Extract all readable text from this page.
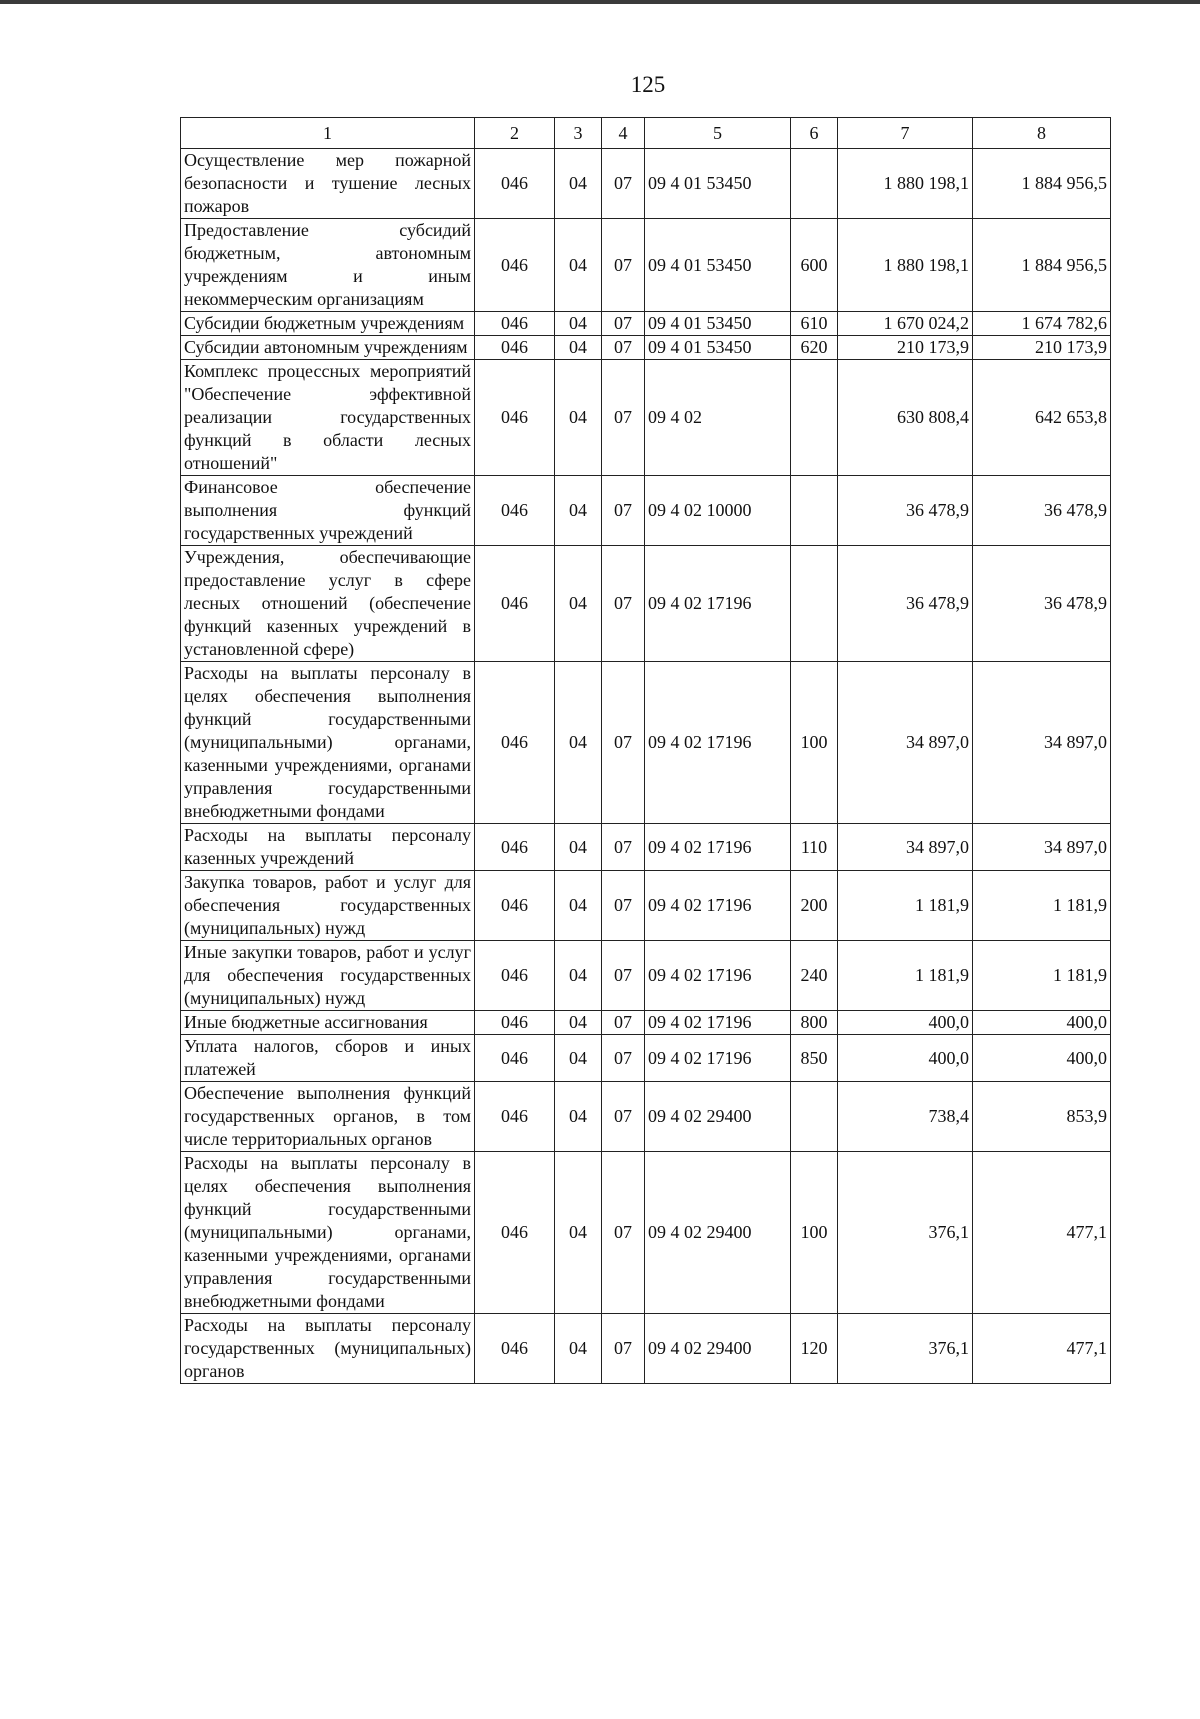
125
1	2	3	4	5	6	7	8
Осуществление мер пожарной безопасности и тушение лесных пожаров	046	04	07	09 4 01 53450		1 880 198,1	1 884 956,5
Предоставление субсидий бюджетным, автономным учреждениям и иным некоммерческим организациям	046	04	07	09 4 01 53450	600	1 880 198,1	1 884 956,5
Субсидии бюджетным учреждениям	046	04	07	09 4 01 53450	610	1 670 024,2	1 674 782,6
Субсидии автономным учреждениям	046	04	07	09 4 01 53450	620	210 173,9	210 173,9
Комплекс процессных мероприятий "Обеспечение эффективной реализации государственных функций в области лесных отношений"	046	04	07	09 4 02		630 808,4	642 653,8
Финансовое обеспечение выполнения функций государственных учреждений	046	04	07	09 4 02 10000		36 478,9	36 478,9
Учреждения, обеспечивающие предоставление услуг в сфере лесных отношений (обеспечение функций казенных учреждений в установленной сфере)	046	04	07	09 4 02 17196		36 478,9	36 478,9
Расходы на выплаты персоналу в целях обеспечения выполнения функций государственными (муниципальными) органами, казенными учреждениями, органами управления государственными внебюджетными фондами	046	04	07	09 4 02 17196	100	34 897,0	34 897,0
Расходы на выплаты персоналу казенных учреждений	046	04	07	09 4 02 17196	110	34 897,0	34 897,0
Закупка товаров, работ и услуг для обеспечения государственных (муниципальных) нужд	046	04	07	09 4 02 17196	200	1 181,9	1 181,9
Иные закупки товаров, работ и услуг для обеспечения государственных (муниципальных) нужд	046	04	07	09 4 02 17196	240	1 181,9	1 181,9
Иные бюджетные ассигнования	046	04	07	09 4 02 17196	800	400,0	400,0
Уплата налогов, сборов и иных платежей	046	04	07	09 4 02 17196	850	400,0	400,0
Обеспечение выполнения функций государственных органов, в том числе территориальных органов	046	04	07	09 4 02 29400		738,4	853,9
Расходы на выплаты персоналу в целях обеспечения выполнения функций государственными (муниципальными) органами, казенными учреждениями, органами управления государственными внебюджетными фондами	046	04	07	09 4 02 29400	100	376,1	477,1
Расходы на выплаты персоналу государственных (муниципальных) органов	046	04	07	09 4 02 29400	120	376,1	477,1
